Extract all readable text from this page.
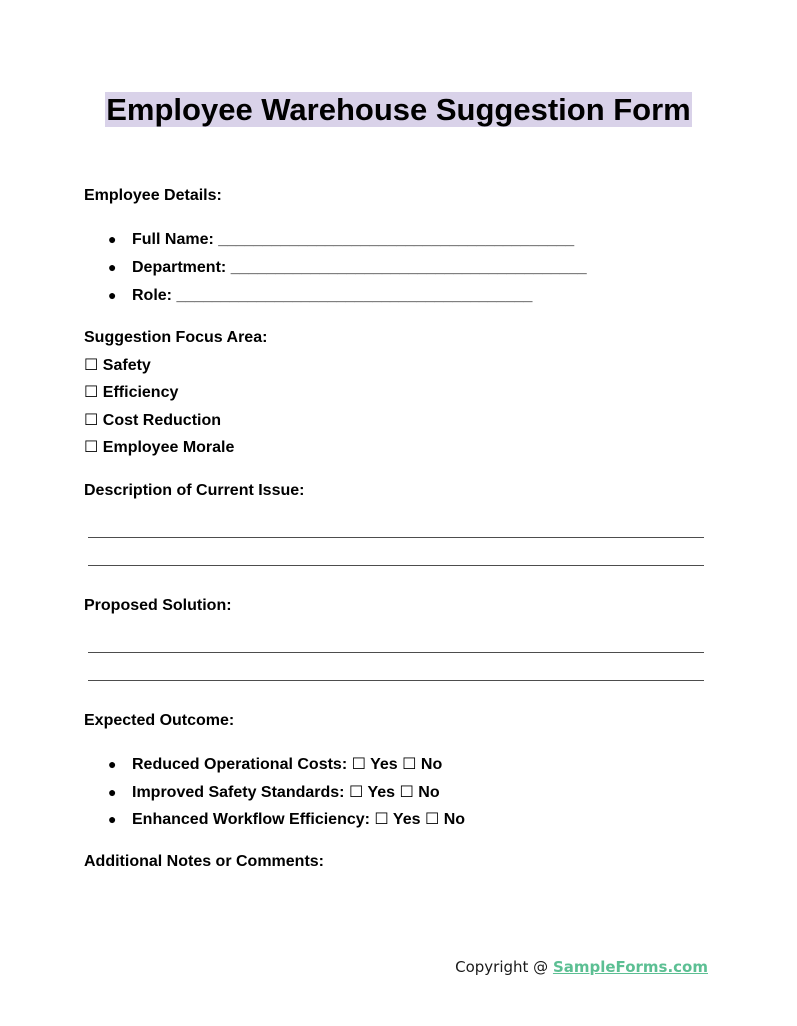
Employee Warehouse Suggestion Form
Employee Details:
● Full Name: ________________________________________
● Department: ________________________________________
● Role: ________________________________________
Suggestion Focus Area:
☐ Safety
☐ Efficiency
☐ Cost Reduction
☐ Employee Morale
Description of Current Issue:
Proposed Solution:
Expected Outcome:
● Reduced Operational Costs: ☐ Yes ☐ No
● Improved Safety Standards: ☐ Yes ☐ No
● Enhanced Workflow Efficiency: ☐ Yes ☐ No
Additional Notes or Comments:
Copyright @ SampleForms.com
